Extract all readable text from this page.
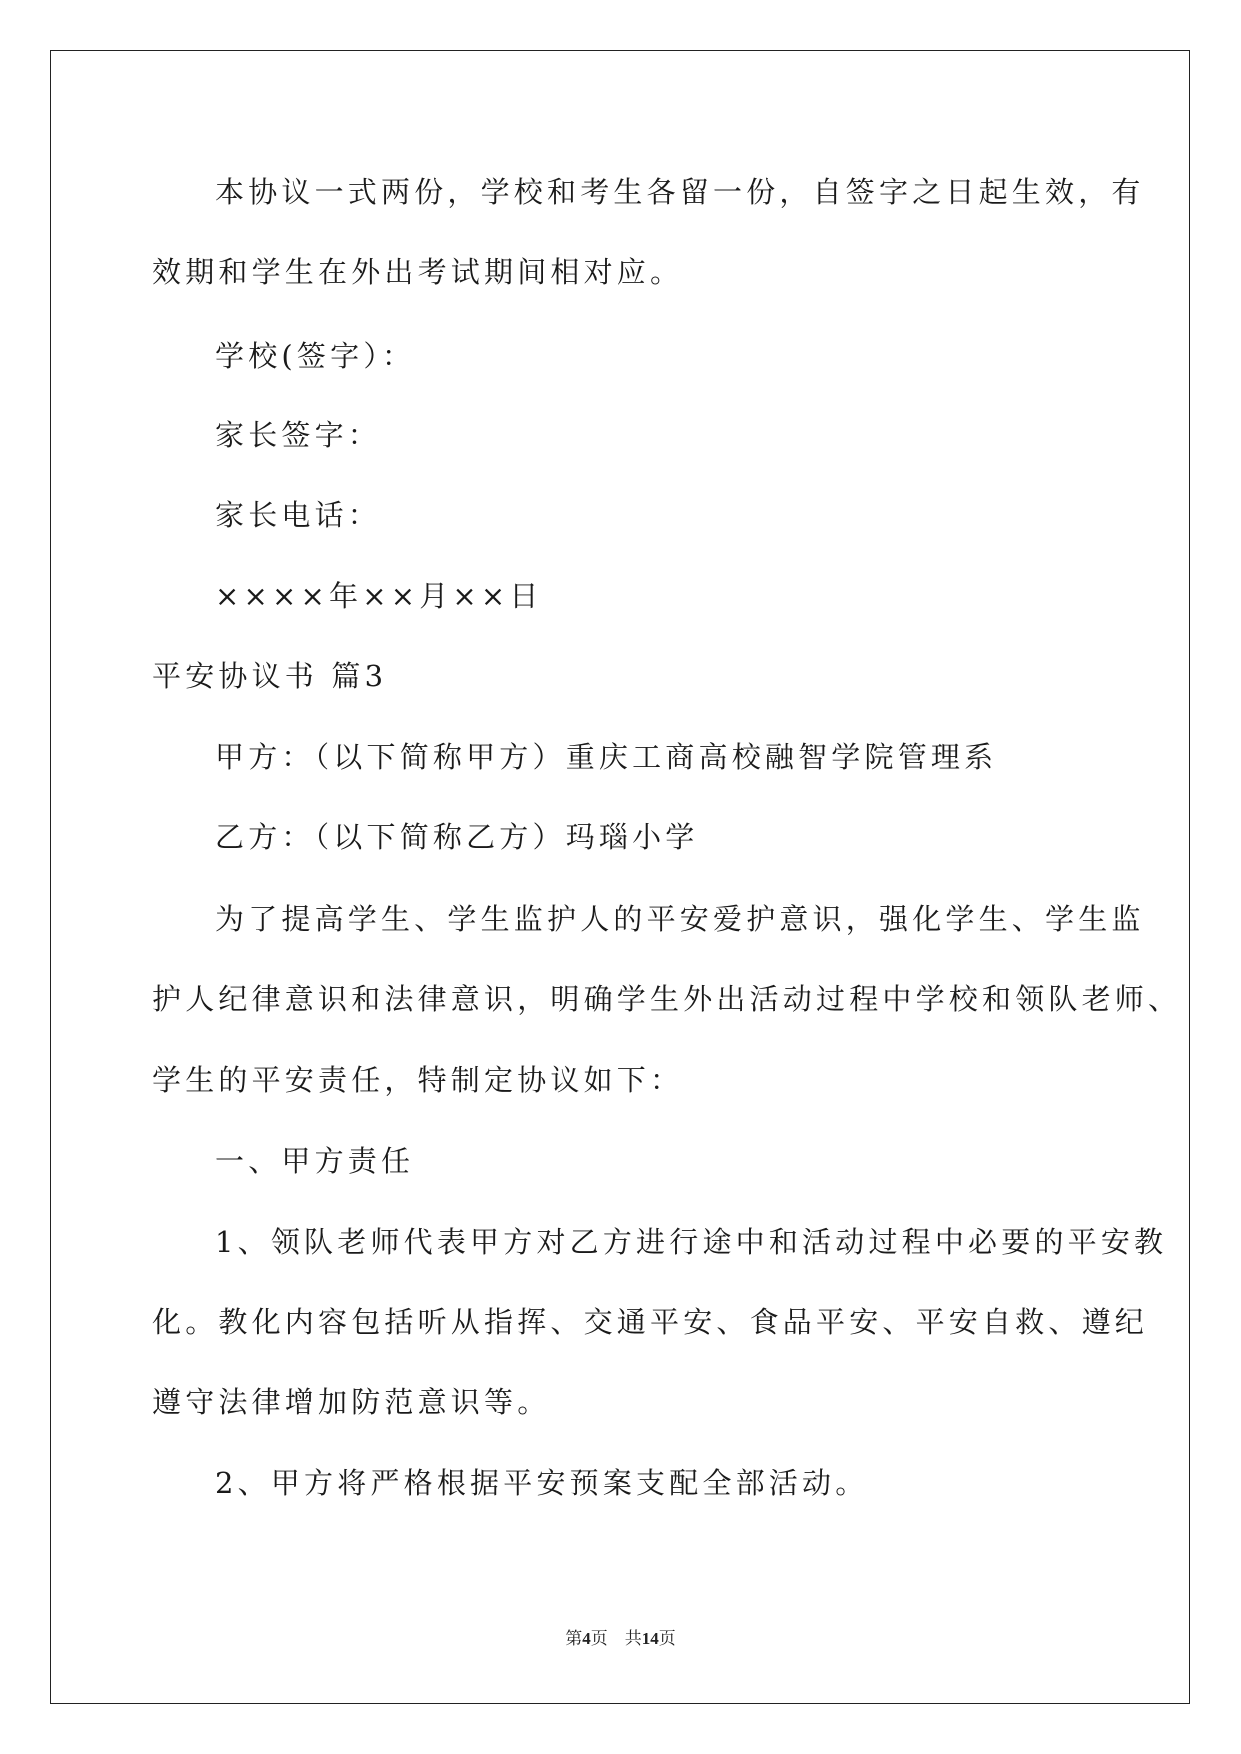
本协议一式两份，学校和考生各留一份，自签字之日起生效，有
效期和学生在外出考试期间相对应。
学校(签字）：
家长签字：
家长电话：
××××年××月××日
平安协议书 篇3
甲方：（以下简称甲方）重庆工商高校融智学院管理系
乙方：（以下简称乙方）玛瑙小学
为了提高学生、学生监护人的平安爱护意识，强化学生、学生监
护人纪律意识和法律意识，明确学生外出活动过程中学校和领队老师、
学生的平安责任，特制定协议如下：
一、甲方责任
1、领队老师代表甲方对乙方进行途中和活动过程中必要的平安教
化。教化内容包括听从指挥、交通平安、食品平安、平安自救、遵纪
遵守法律增加防范意识等。
2、甲方将严格根据平安预案支配全部活动。
第4页　共14页
